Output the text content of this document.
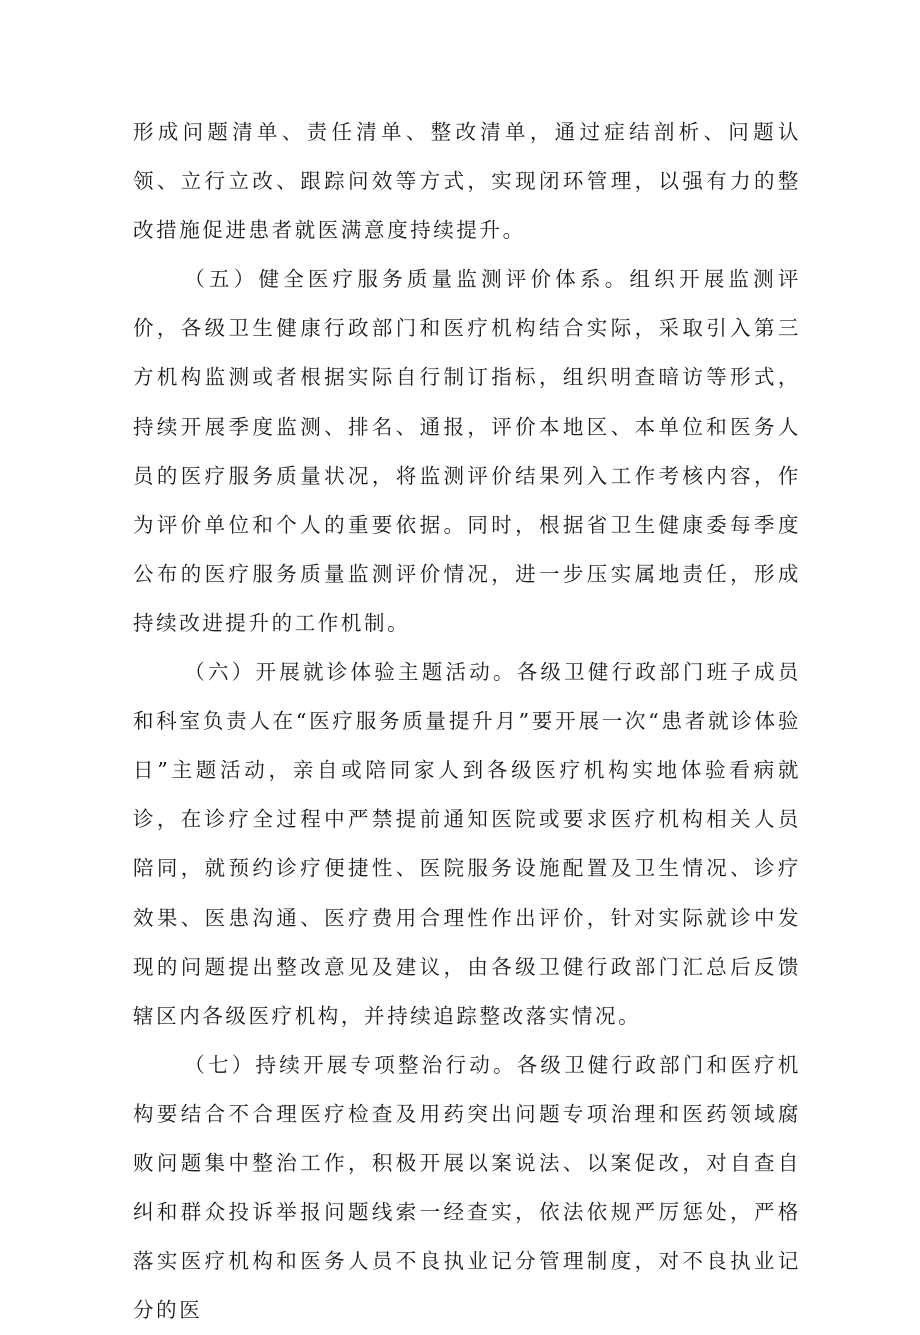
形成问题清单、责任清单、整改清单，通过症结剖析、问题认领、立行立改、跟踪问效等方式，实现闭环管理，以强有力的整改措施促进患者就医满意度持续提升。

（五）健全医疗服务质量监测评价体系。组织开展监测评价，各级卫生健康行政部门和医疗机构结合实际，采取引入第三方机构监测或者根据实际自行制订指标，组织明查暗访等形式，持续开展季度监测、排名、通报，评价本地区、本单位和医务人员的医疗服务质量状况，将监测评价结果列入工作考核内容，作为评价单位和个人的重要依据。同时，根据省卫生健康委每季度公布的医疗服务质量监测评价情况，进一步压实属地责任，形成持续改进提升的工作机制。

（六）开展就诊体验主题活动。各级卫健行政部门班子成员和科室负责人在“医疗服务质量提升月”要开展一次“患者就诊体验日”主题活动，亲自或陪同家人到各级医疗机构实地体验看病就诊，在诊疗全过程中严禁提前通知医院或要求医疗机构相关人员陪同，就预约诊疗便捷性、医院服务设施配置及卫生情况、诊疗效果、医患沟通、医疗费用合理性作出评价，针对实际就诊中发现的问题提出整改意见及建议，由各级卫健行政部门汇总后反馈辖区内各级医疗机构，并持续追踪整改落实情况。

（七）持续开展专项整治行动。各级卫健行政部门和医疗机构要结合不合理医疗检查及用药突出问题专项治理和医药领域腐败问题集中整治工作，积极开展以案说法、以案促改，对自查自纠和群众投诉举报问题线索一经查实，依法依规严厉惩处，严格落实医疗机构和医务人员不良执业记分管理制度，对不良执业记分的医
